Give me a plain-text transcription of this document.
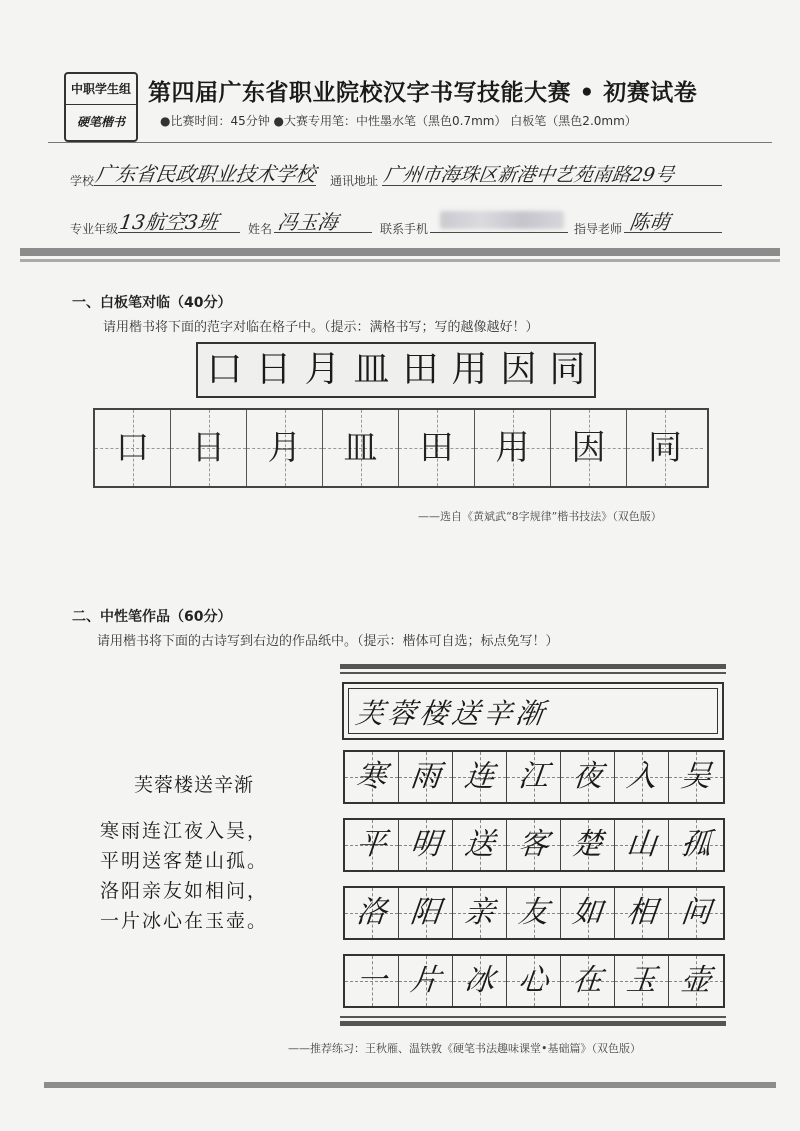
中职学生组
硬笔楷书
第四届广东省职业院校汉字书写技能大赛 • 初赛试卷
●比赛时间：45分钟 ●大赛专用笔：中性墨水笔（黑色0.7mm） 白板笔（黑色2.0mm）
学校 广东省民政职业技术学校 通讯地址 广州市海珠区新港中艺苑南路29号
专业年级 13航空3班 姓名 冯玉海	联系手机	指导老师 陈萌
一、白板笔对临（40分）
请用楷书将下面的范字对临在格子中。（提示：满格书写；写的越像越好！）
口 日 月 皿 田 用 因 同
口	日	月	皿	田	用	因	同
——选自《黄斌武“8字规律”楷书技法》（双色版）
二、中性笔作品（60分）
请用楷书将下面的古诗写到右边的作品纸中。（提示：楷体可自选；标点免写！）
芙蓉楼送辛渐
寒雨连江夜入吴，
平明送客楚山孤。
洛阳亲友如相问，
一片冰心在玉壶。
芙蓉楼送辛渐
寒 雨 连 江 夜 入 吴
平 明 送 客 楚 山 孤
洛 阳 亲 友 如 相 问
一 片 冰 心 在 玉 壶
——推荐练习：王秋雁、温铁敦《硬笔书法趣味课堂•基础篇》（双色版）
